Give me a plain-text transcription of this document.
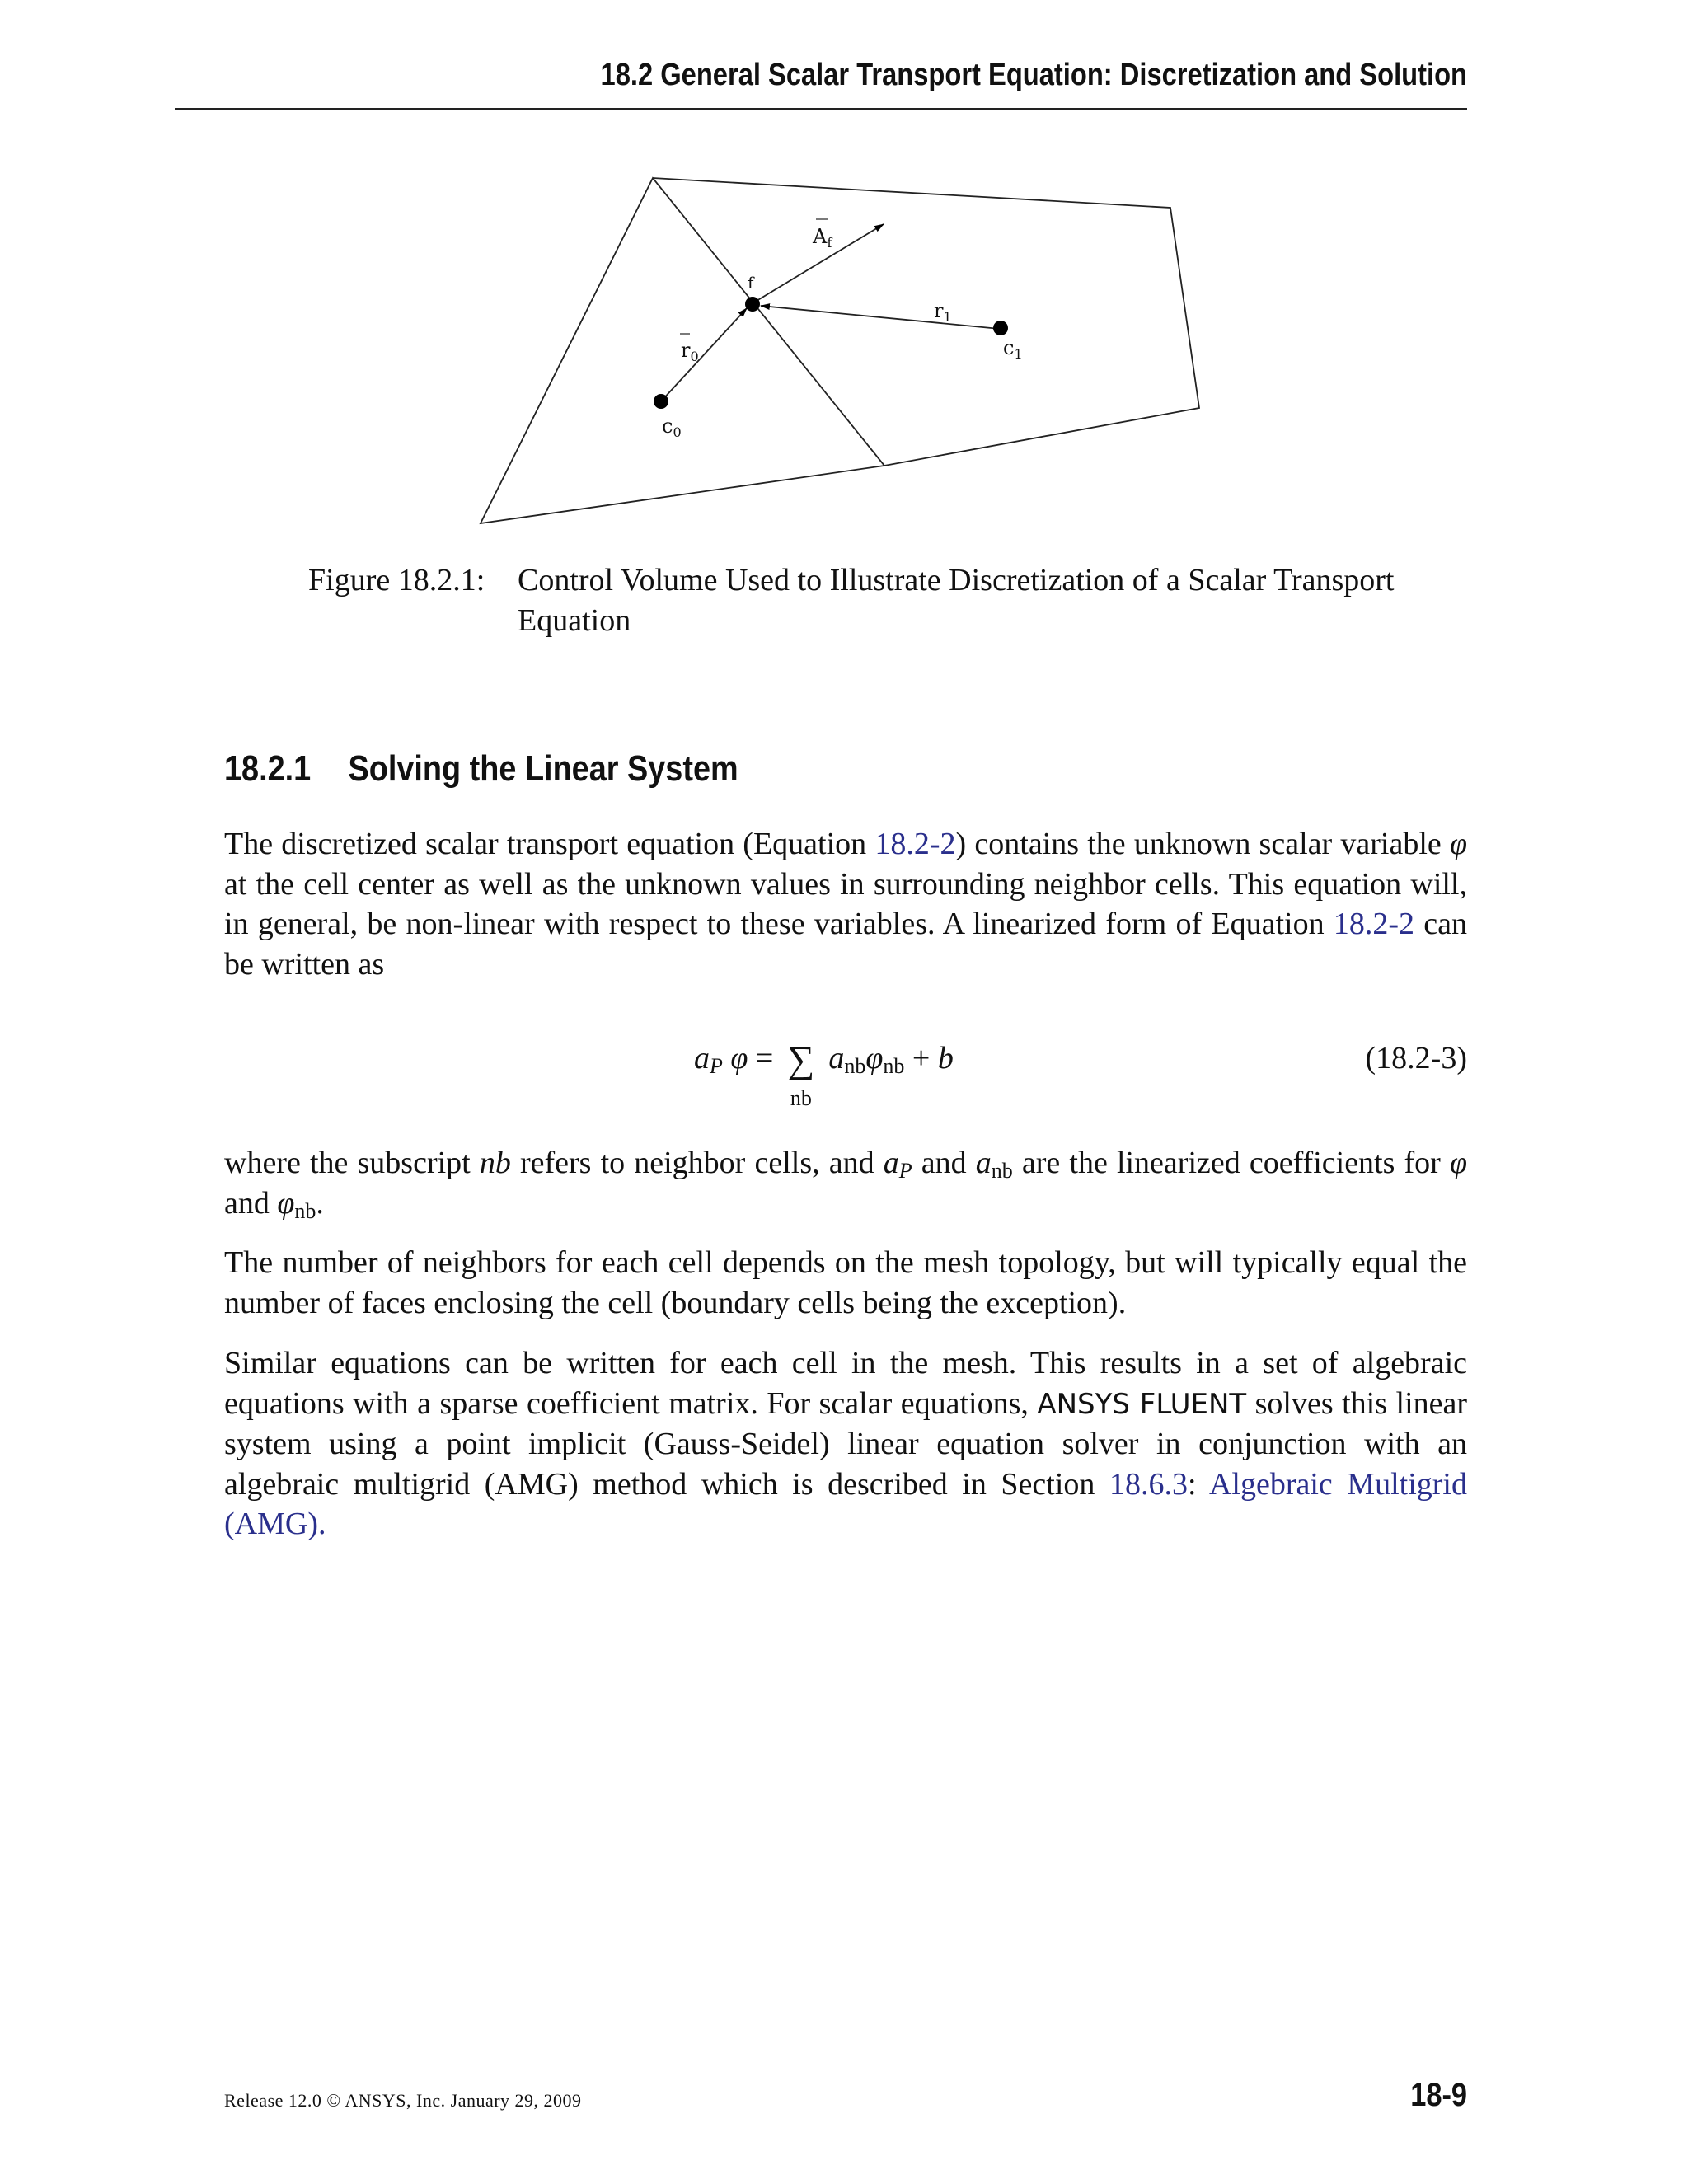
18.2 General Scalar Transport Equation: Discretization and Solution
$A_f$
f
$r_1$
$c_1$
$r_0$
$c_0$
Figure 18.2.1:	Control Volume Used to Illustrate Discretization of a Scalar Transport Equation
18.2.1 Solving the Linear System
The discretized scalar transport equation (Equation 18.2-2) contains the unknown scalar variable φ at the cell center as well as the unknown values in surrounding neighbor cells. This equation will, in general, be non-linear with respect to these variables. A linearized form of Equation 18.2-2 can be written as
$a_P$ φ = ∑
nb
$a_{nb}\varphi_{nb} + b$	(18.2-3)
where the subscript nb refers to neighbor cells, and $a_P$ and $a_{nb}$ are the linearized coefficients for φ and $\varphi_{nb}$.
The number of neighbors for each cell depends on the mesh topology, but will typically equal the number of faces enclosing the cell (boundary cells being the exception).
Similar equations can be written for each cell in the mesh. This results in a set of algebraic equations with a sparse coefficient matrix. For scalar equations, ANSYS FLUENT solves this linear system using a point implicit (Gauss-Seidel) linear equation solver in conjunction with an algebraic multigrid (AMG) method which is described in Section 18.6.3: Algebraic Multigrid (AMG).
Release 12.0 © ANSYS, Inc. January 29, 2009	18-9
